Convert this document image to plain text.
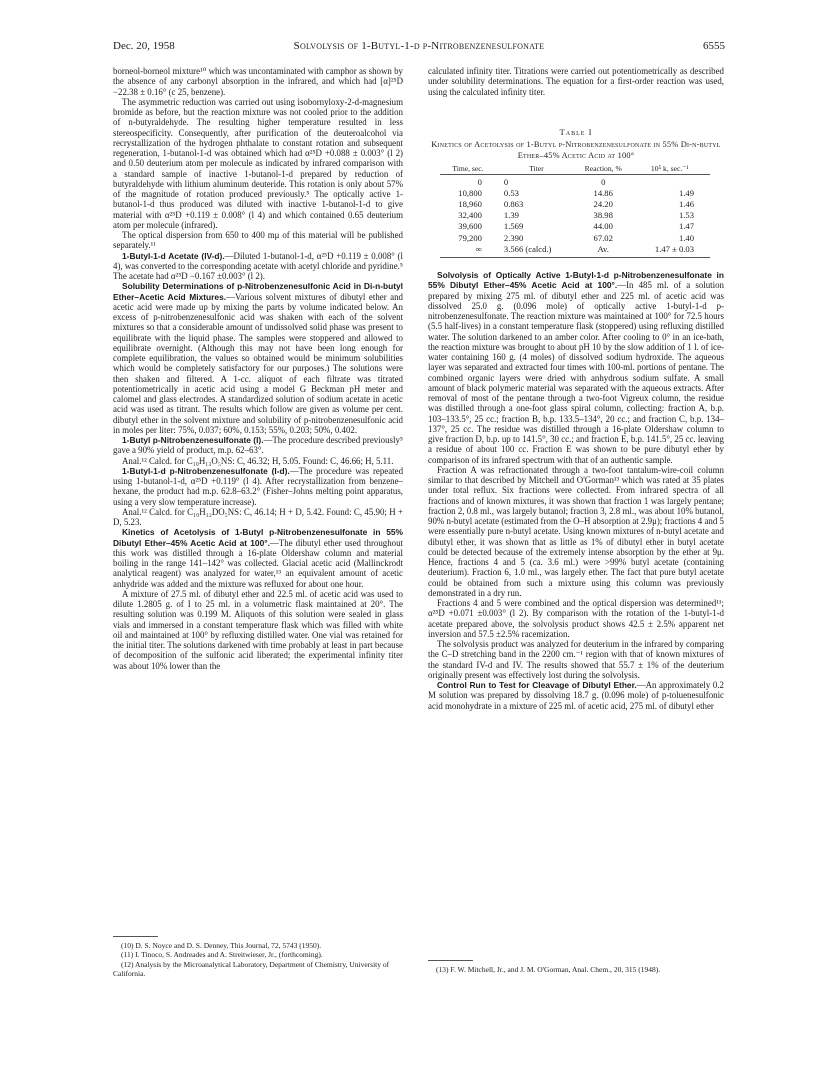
Dec. 20, 1958	Solvolysis of 1-Butyl-1-d p-Nitrobenzenesulfonate	6555

borneol-borneol mixture¹⁰ which was uncontaminated with camphor as shown by the absence of any carbonyl absorption in the infrared, and which had [α]²⁵D −22.38 ± 0.16° (c 25, benzene).

The asymmetric reduction was carried out using isobornyloxy-2-d-magnesium bromide as before, but the reaction mixture was not cooled prior to the addition of n-butyraldehyde. The resulting higher temperature resulted in less stereospecificity. Consequently, after purification of the deuteroalcohol via recrystallization of the hydrogen phthalate to constant rotation and subsequent regeneration, 1-butanol-1-d was obtained which had α²⁵D +0.088 ± 0.003° (l 2) and 0.50 deuterium atom per molecule as indicated by infrared comparison with a standard sample of inactive 1-butanol-1-d prepared by reduction of butyraldehyde with lithium aluminum deuteride. This rotation is only about 57% of the magnitude of rotation produced previously.⁵ The optically active 1-butanol-1-d thus produced was diluted with inactive 1-butanol-1-d to give material with α²⁵D +0.119 ± 0.008° (l 4) and which contained 0.65 deuterium atom per molecule (infrared).

The optical dispersion from 650 to 400 mμ of this material will be published separately.¹¹

1-Butyl-1-d Acetate (IV-d).—Diluted 1-butanol-1-d, α²⁵D +0.119 ± 0.008° (l 4), was converted to the corresponding acetate with acetyl chloride and pyridine.⁵ The acetate had α²⁵D −0.167 ±0.003° (l 2).

Solubility Determinations of p-Nitrobenzenesulfonic Acid in Di-n-butyl Ether–Acetic Acid Mixtures.—Various solvent mixtures of dibutyl ether and acetic acid were made up by mixing the parts by volume indicated below. An excess of p-nitrobenzenesulfonic acid was shaken with each of the solvent mixtures so that a considerable amount of undissolved solid phase was present to equilibrate with the liquid phase. The samples were stoppered and allowed to equilibrate overnight. (Although this may not have been long enough for complete equilibration, the values so obtained would be minimum solubilities which would be completely satisfactory for our purposes.) The solutions were then shaken and filtered. A 1-cc. aliquot of each filtrate was titrated potentiometrically in acetic acid using a model G Beckman pH meter and calomel and glass electrodes. A standardized solution of sodium acetate in acetic acid was used as titrant. The results which follow are given as volume per cent. dibutyl ether in the solvent mixture and solubility of p-nitrobenzenesulfonic acid in moles per liter: 75%, 0.037; 60%, 0.153; 55%, 0.203; 50%, 0.402.

1-Butyl p-Nitrobenzenesulfonate (I).—The procedure described previously⁵ gave a 90% yield of product, m.p. 62–63°.

Anal.¹² Calcd. for C₁₀H₁₃O₅NS: C, 46.32; H, 5.05. Found: C, 46.66; H, 5.11.

1-Butyl-1-d p-Nitrobenzenesulfonate (I-d).—The procedure was repeated using 1-butanol-1-d, α²⁵D +0.119° (l 4). After recrystallization from benzene–hexane, the product had m.p. 62.8–63.2° (Fisher–Johns melting point apparatus, using a very slow temperature increase).

Anal.¹² Calcd. for C₁₀H₁₂DO₅NS: C, 46.14; H + D, 5.42. Found: C, 45.90; H + D, 5.23.

Kinetics of Acetolysis of 1-Butyl p-Nitrobenzenesulfonate in 55% Dibutyl Ether–45% Acetic Acid at 100°.—The dibutyl ether used throughout this work was distilled through a 16-plate Oldershaw column and material boiling in the range 141–142° was collected. Glacial acetic acid (Mallinckrodt analytical reagent) was analyzed for water,¹³ an equivalent amount of acetic anhydride was added and the mixture was refluxed for about one hour.

A mixture of 27.5 ml. of dibutyl ether and 22.5 ml. of acetic acid was used to dilute 1.2805 g. of I to 25 ml. in a volumetric flask maintained at 20°. The resulting solution was 0.199 M. Aliquots of this solution were sealed in glass vials and immersed in a constant temperature flask which was filled with white oil and maintained at 100° by refluxing distilled water. One vial was retained for the initial titer. The solutions darkened with time probably at least in part because of decomposition of the sulfonic acid liberated; the experimental infinity titer was about 10% lower than the

calculated infinity titer. Titrations were carried out potentiometrically as described under solubility determinations. The equation for a first-order reaction was used, using the calculated infinity titer.

Table I
Kinetics of Acetolysis of 1-Butyl p-Nitrobenzenesulfonate in 55% Di-n-butyl Ether–45% Acetic Acid at 100°
Time, sec.	Titer	Reaction, %	10⁵ k, sec.⁻¹
0	0	0	
10,800	0.53	14.86	1.49
18,960	0.863	24.20	1.46
32,400	1.39	38.98	1.53
39,600	1.569	44.00	1.47
79,200	2.390	67.02	1.40
∞	3.566 (calcd.)	Av.	1.47 ± 0.03

Solvolysis of Optically Active 1-Butyl-1-d p-Nitrobenzenesulfonate in 55% Dibutyl Ether–45% Acetic Acid at 100°.—In 485 ml. of a solution prepared by mixing 275 ml. of dibutyl ether and 225 ml. of acetic acid was dissolved 25.0 g. (0.096 mole) of optically active 1-butyl-1-d p-nitrobenzenesulfonate. The reaction mixture was maintained at 100° for 72.5 hours (5.5 half-lives) in a constant temperature flask (stoppered) using refluxing distilled water. The solution darkened to an amber color. After cooling to 0° in an ice-bath, the reaction mixture was brought to about pH 10 by the slow addition of 1 l. of ice-water containing 160 g. (4 moles) of dissolved sodium hydroxide. The aqueous layer was separated and extracted four times with 100-ml. portions of pentane. The combined organic layers were dried with anhydrous sodium sulfate. A small amount of black polymeric material was separated with the aqueous extracts. After removal of most of the pentane through a two-foot Vigreux column, the residue was distilled through a one-foot glass spiral column, collecting: fraction A, b.p. 103–133.5°, 25 cc.; fraction B, b.p. 133.5–134°, 20 cc.; and fraction C, b.p. 134–137°, 25 cc. The residue was distilled through a 16-plate Oldershaw column to give fraction D, b.p. up to 141.5°, 30 cc.; and fraction E, b.p. 141.5°, 25 cc. leaving a residue of about 100 cc. Fraction E was shown to be pure dibutyl ether by comparison of its infrared spectrum with that of an authentic sample.

Fraction A was refractionated through a two-foot tantalum-wire-coil column similar to that described by Mitchell and O'Gorman¹³ which was rated at 35 plates under total reflux. Six fractions were collected. From infrared spectra of all fractions and of known mixtures, it was shown that fraction 1 was largely pentane; fraction 2, 0.8 ml., was largely butanol; fraction 3, 2.8 ml., was about 10% butanol, 90% n-butyl acetate (estimated from the O–H absorption at 2.9μ); fractions 4 and 5 were essentially pure n-butyl acetate. Using known mixtures of n-butyl acetate and dibutyl ether, it was shown that as little as 1% of dibutyl ether in butyl acetate could be detected because of the extremely intense absorption by the ether at 9μ. Hence, fractions 4 and 5 (ca. 3.6 ml.) were >99% butyl acetate (containing deuterium). Fraction 6, 1.0 ml., was largely ether. The fact that pure butyl acetate could be obtained from such a mixture using this column was previously demonstrated in a dry run.

Fractions 4 and 5 were combined and the optical dispersion was determined¹¹; α²⁵D +0.071 ±0.003° (l 2). By comparison with the rotation of the 1-butyl-1-d acetate prepared above, the solvolysis product shows 42.5 ± 2.5% apparent net inversion and 57.5 ±2.5% racemization.

The solvolysis product was analyzed for deuterium in the infrared by comparing the C–D stretching band in the 2200 cm.⁻¹ region with that of known mixtures of the standard IV-d and IV. The results showed that 55.7 ± 1% of the deuterium originally present was effectively lost during the solvolysis.

Control Run to Test for Cleavage of Dibutyl Ether.—An approximately 0.2 M solution was prepared by dissolving 18.7 g. (0.096 mole) of p-toluenesulfonic acid monohydrate in a mixture of 225 ml. of acetic acid, 275 ml. of dibutyl ether

(10) D. S. Noyce and D. S. Denney, This Journal, 72, 5743 (1950).

(11) I. Tinoco, S. Andreades and A. Streitwieser, Jr., (forthcoming).

(12) Analysis by the Microanalytical Laboratory, Department of Chemistry, University of California.	(13) F. W. Mitchell, Jr., and J. M. O'Gorman, Anal. Chem., 20, 315 (1948).
